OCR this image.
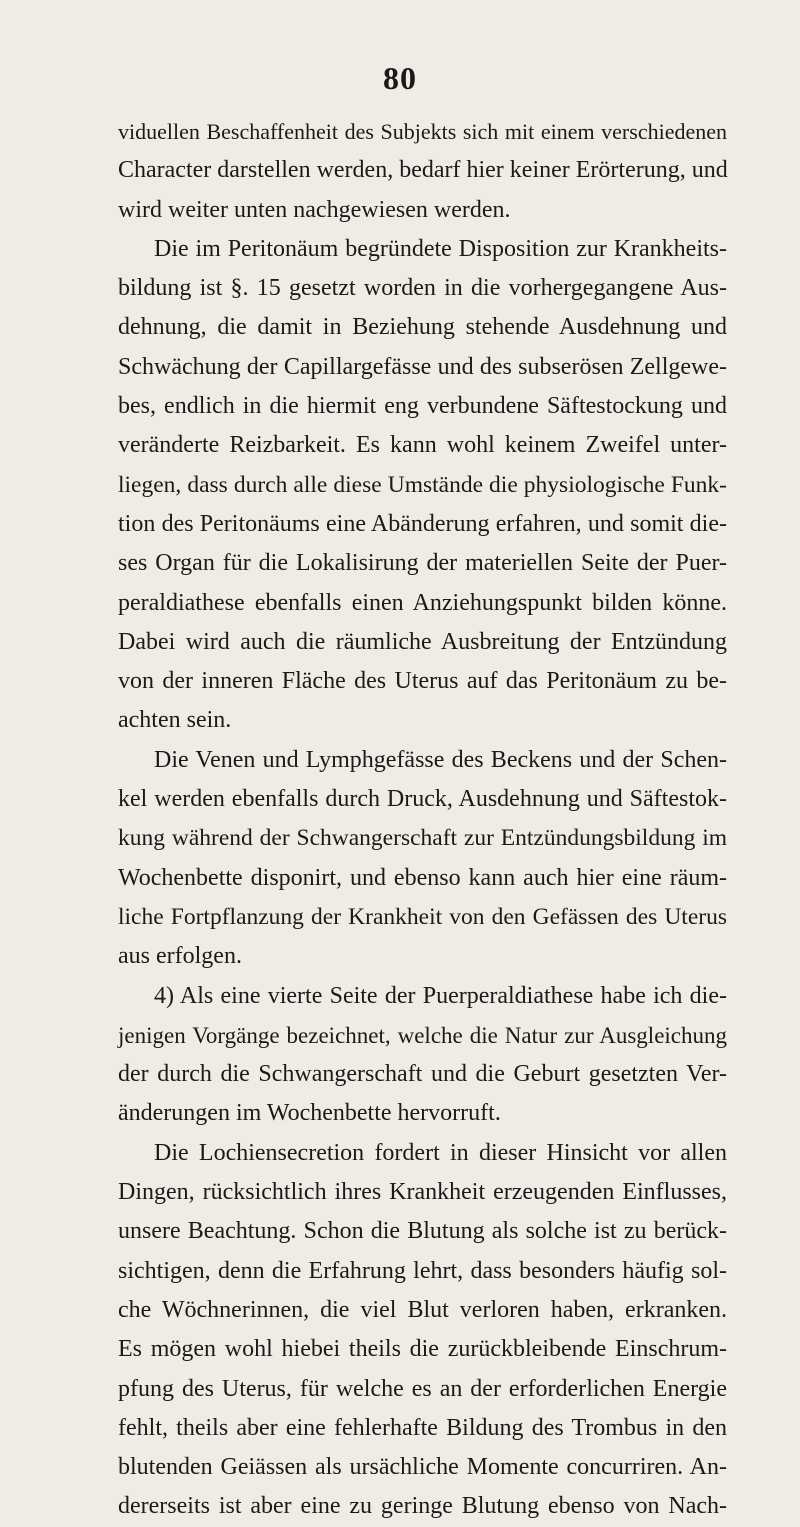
80
viduellen Beschaffenheit des Subjekts sich mit einem verschiedenen
Character darstellen werden, bedarf hier keiner Erörterung, und
wird weiter unten nachgewiesen werden.
Die im Peritonäum begründete Disposition zur Krankheits-
bildung ist §. 15 gesetzt worden in die vorhergegangene Aus-
dehnung, die damit in Beziehung stehende Ausdehnung und
Schwächung der Capillargefässe und des subserösen Zellgewe-
bes, endlich in die hiermit eng verbundene Säftestockung und
veränderte Reizbarkeit. Es kann wohl keinem Zweifel unter-
liegen, dass durch alle diese Umstände die physiologische Funk-
tion des Peritonäums eine Abänderung erfahren, und somit die-
ses Organ für die Lokalisirung der materiellen Seite der Puer-
peraldiathese ebenfalls einen Anziehungspunkt bilden könne.
Dabei wird auch die räumliche Ausbreitung der Entzündung
von der inneren Fläche des Uterus auf das Peritonäum zu be-
achten sein.
Die Venen und Lymphgefässe des Beckens und der Schen-
kel werden ebenfalls durch Druck, Ausdehnung und Säftestok-
kung während der Schwangerschaft zur Entzündungsbildung im
Wochenbette disponirt, und ebenso kann auch hier eine räum-
liche Fortpflanzung der Krankheit von den Gefässen des Uterus
aus erfolgen.
4) Als eine vierte Seite der Puerperaldiathese habe ich die-
jenigen Vorgänge bezeichnet, welche die Natur zur Ausgleichung
der durch die Schwangerschaft und die Geburt gesetzten Ver-
änderungen im Wochenbette hervorruft.
Die Lochiensecretion fordert in dieser Hinsicht vor allen
Dingen, rücksichtlich ihres Krankheit erzeugenden Einflusses,
unsere Beachtung. Schon die Blutung als solche ist zu berück-
sichtigen, denn die Erfahrung lehrt, dass besonders häufig sol-
che Wöchnerinnen, die viel Blut verloren haben, erkranken.
Es mögen wohl hiebei theils die zurückbleibende Einschrum-
pfung des Uterus, für welche es an der erforderlichen Energie
fehlt, theils aber eine fehlerhafte Bildung des Trombus in den
blutenden Geiässen als ursächliche Momente concurriren. An-
dererseits ist aber eine zu geringe Blutung ebenso von Nach-
